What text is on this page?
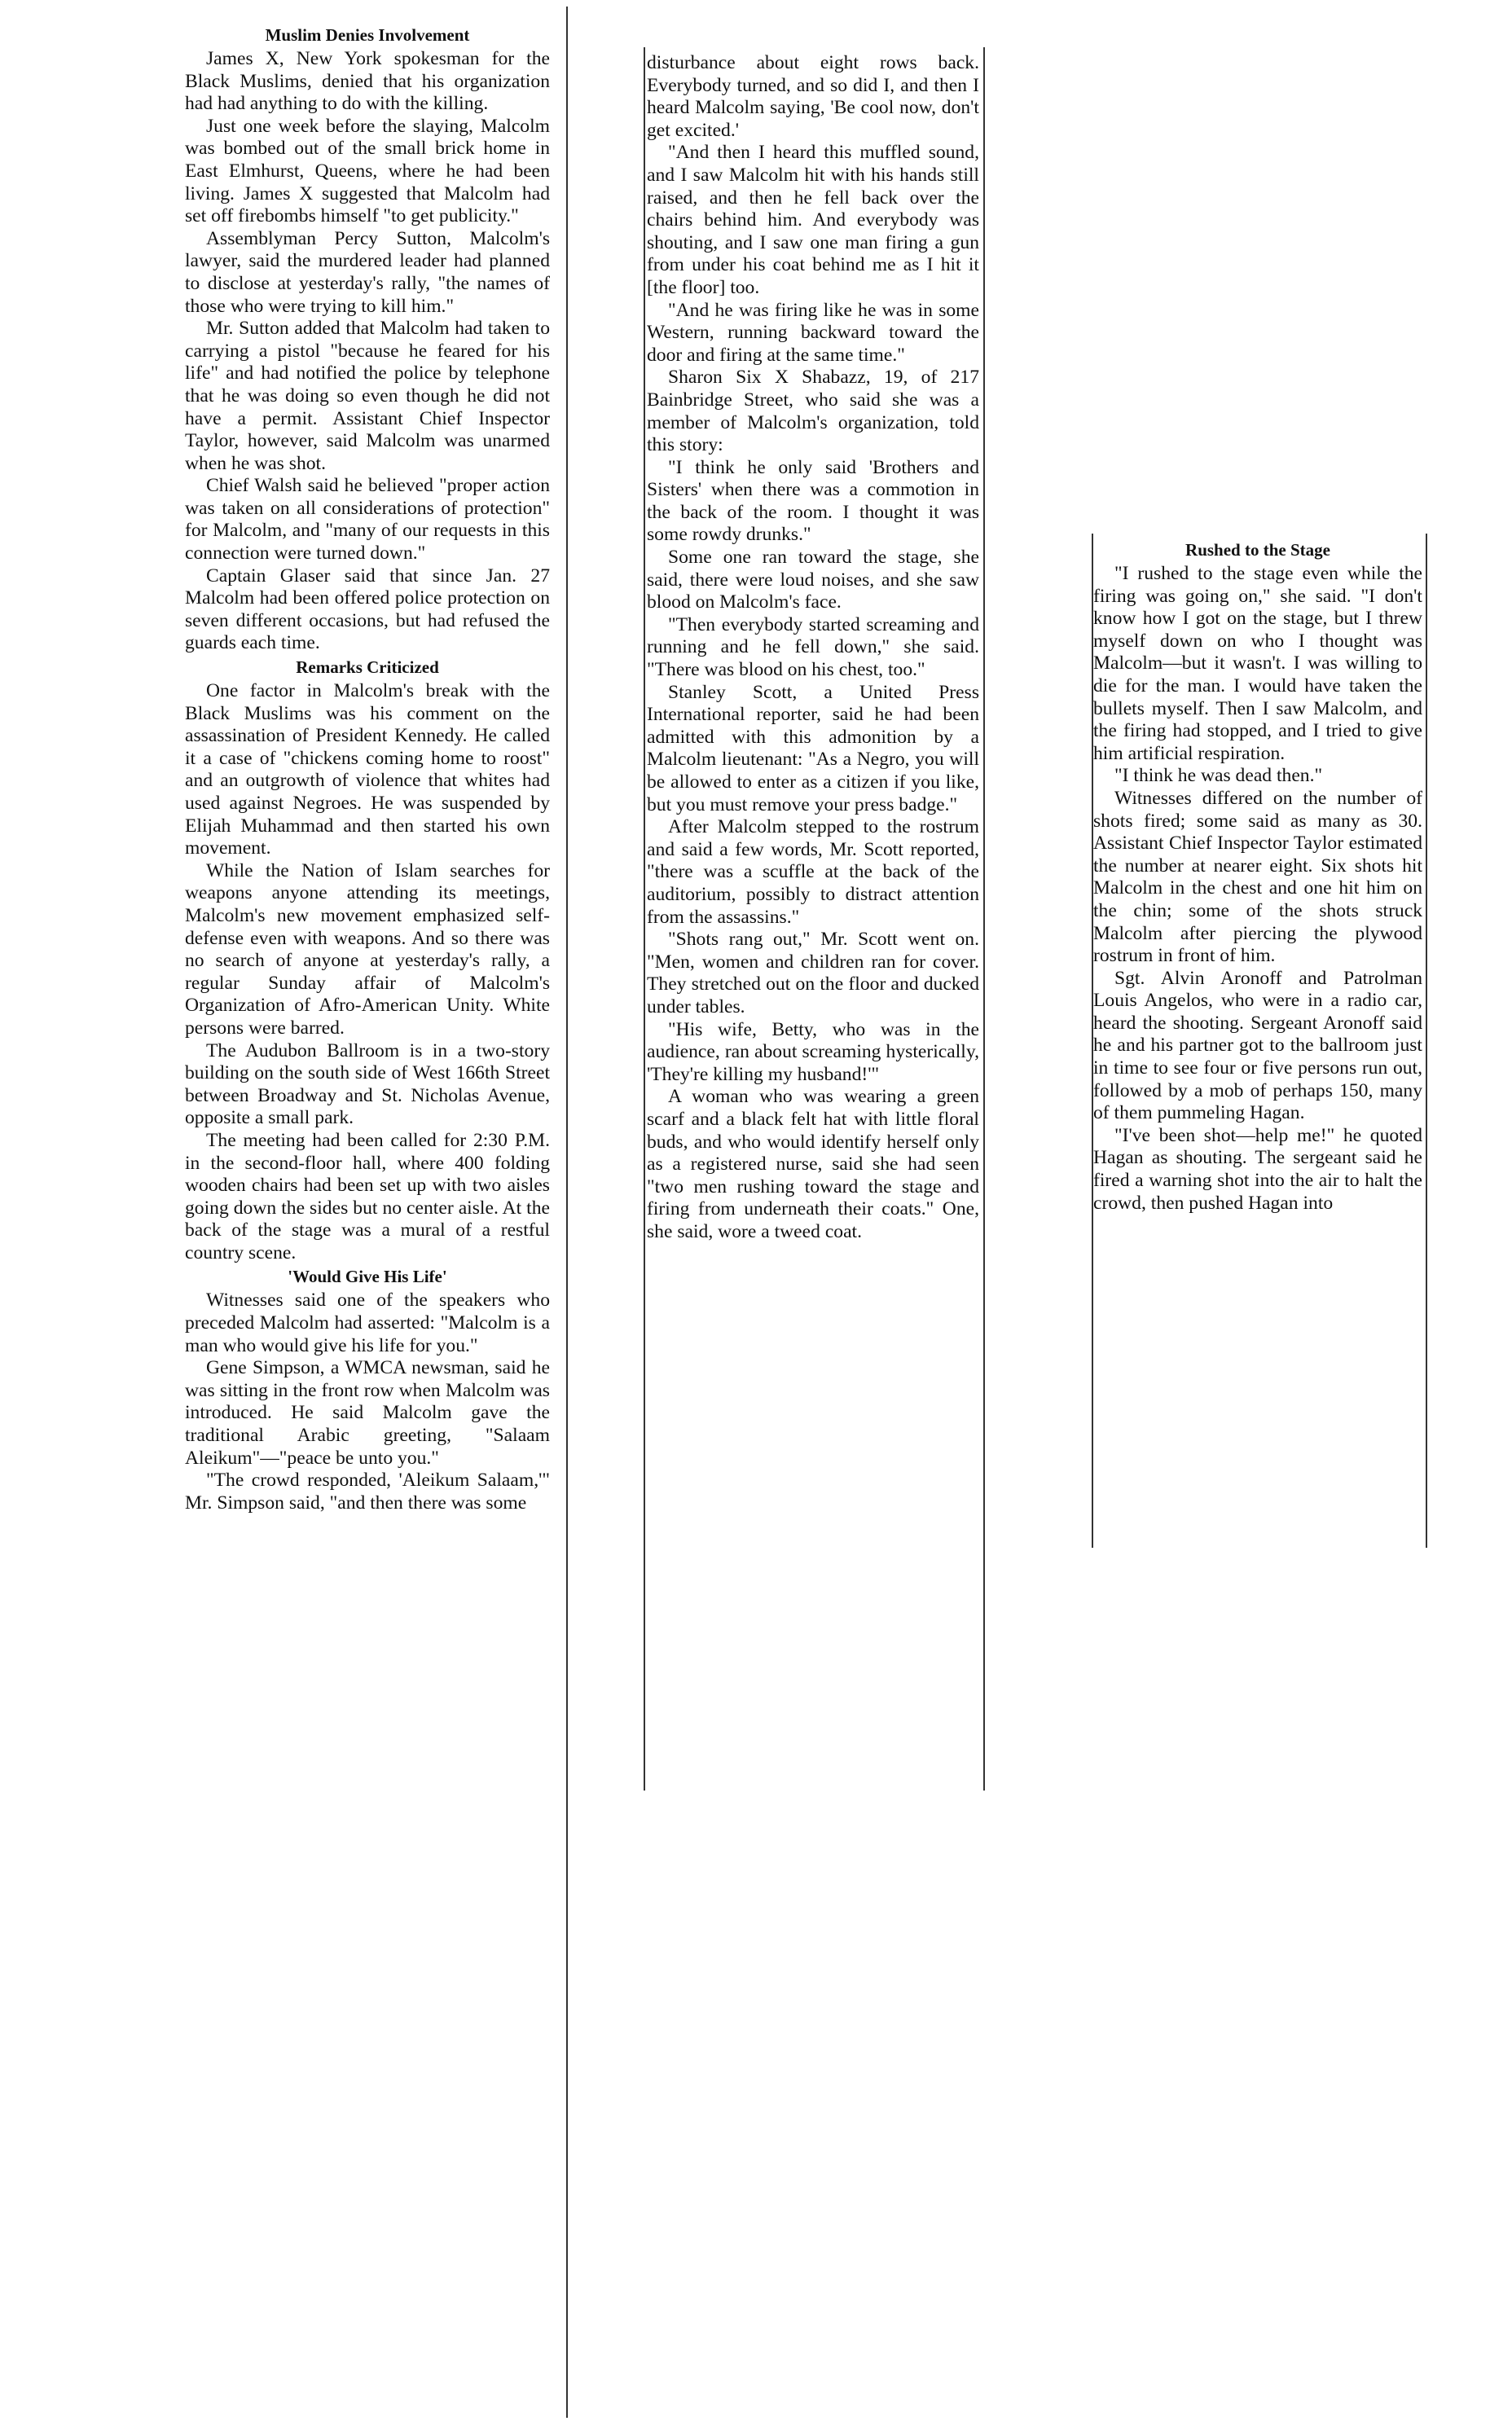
Muslim Denies Involvement

James X, New York spokesman for the Black Muslims, denied that his organization had had anything to do with the killing.

Just one week before the slaying, Malcolm was bombed out of the small brick home in East Elmhurst, Queens, where he had been living. James X suggested that Malcolm had set off firebombs himself "to get publicity."

Assemblyman Percy Sutton, Malcolm's lawyer, said the murdered leader had planned to disclose at yesterday's rally, "the names of those who were trying to kill him."

Mr. Sutton added that Malcolm had taken to carrying a pistol "because he feared for his life" and had notified the police by telephone that he was doing so even though he did not have a permit. Assistant Chief Inspector Taylor, however, said Malcolm was unarmed when he was shot.

Chief Walsh said he believed "proper action was taken on all considerations of protection" for Malcolm, and "many of our requests in this connection were turned down."

Captain Glaser said that since Jan. 27 Malcolm had been offered police protection on seven different occasions, but had refused the guards each time.

Remarks Criticized

One factor in Malcolm's break with the Black Muslims was his comment on the assassination of President Kennedy. He called it a case of "chickens coming home to roost" and an outgrowth of violence that whites had used against Negroes. He was suspended by Elijah Muhammad and then started his own movement.

While the Nation of Islam searches for weapons anyone attending its meetings, Malcolm's new movement emphasized self-defense even with weapons. And so there was no search of anyone at yesterday's rally, a regular Sunday affair of Malcolm's Organization of Afro-American Unity. White persons were barred.

The Audubon Ballroom is in a two-story building on the south side of West 166th Street between Broadway and St. Nicholas Avenue, opposite a small park.

The meeting had been called for 2:30 P.M. in the second-floor hall, where 400 folding wooden chairs had been set up with two aisles going down the sides but no center aisle. At the back of the stage was a mural of a restful country scene.

'Would Give His Life'

Witnesses said one of the speakers who preceded Malcolm had asserted: "Malcolm is a man who would give his life for you."

Gene Simpson, a WMCA newsman, said he was sitting in the front row when Malcolm was introduced. He said Malcolm gave the traditional Arabic greeting, "Salaam Aleikum"—"peace be unto you."

"The crowd responded, 'Aleikum Salaam,'" Mr. Simpson said, "and then there was some

disturbance about eight rows back. Everybody turned, and so did I, and then I heard Malcolm saying, 'Be cool now, don't get excited.'

"And then I heard this muffled sound, and I saw Malcolm hit with his hands still raised, and then he fell back over the chairs behind him. And everybody was shouting, and I saw one man firing a gun from under his coat behind me as I hit it [the floor] too.

"And he was firing like he was in some Western, running backward toward the door and firing at the same time."

Sharon Six X Shabazz, 19, of 217 Bainbridge Street, who said she was a member of Malcolm's organization, told this story:

"I think he only said 'Brothers and Sisters' when there was a commotion in the back of the room. I thought it was some rowdy drunks."

Some one ran toward the stage, she said, there were loud noises, and she saw blood on Malcolm's face.

"Then everybody started screaming and running and he fell down," she said. "There was blood on his chest, too."

Stanley Scott, a United Press International reporter, said he had been admitted with this admonition by a Malcolm lieutenant: "As a Negro, you will be allowed to enter as a citizen if you like, but you must remove your press badge."

After Malcolm stepped to the rostrum and said a few words, Mr. Scott reported, "there was a scuffle at the back of the auditorium, possibly to distract attention from the assassins."

"Shots rang out," Mr. Scott went on. "Men, women and children ran for cover. They stretched out on the floor and ducked under tables.

"His wife, Betty, who was in the audience, ran about screaming hysterically, 'They're killing my husband!'"

A woman who was wearing a green scarf and a black felt hat with little floral buds, and who would identify herself only as a registered nurse, said she had seen "two men rushing toward the stage and firing from underneath their coats." One, she said, wore a tweed coat.

Rushed to the Stage

"I rushed to the stage even while the firing was going on," she said. "I don't know how I got on the stage, but I threw myself down on who I thought was Malcolm—but it wasn't. I was willing to die for the man. I would have taken the bullets myself. Then I saw Malcolm, and the firing had stopped, and I tried to give him artificial respiration.

"I think he was dead then."

Witnesses differed on the number of shots fired; some said as many as 30. Assistant Chief Inspector Taylor estimated the number at nearer eight. Six shots hit Malcolm in the chest and one hit him on the chin; some of the shots struck Malcolm after piercing the plywood rostrum in front of him.

Sgt. Alvin Aronoff and Patrolman Louis Angelos, who were in a radio car, heard the shooting. Sergeant Aronoff said he and his partner got to the ballroom just in time to see four or five persons run out, followed by a mob of perhaps 150, many of them pummeling Hagan.

"I've been shot—help me!" he quoted Hagan as shouting. The sergeant said he fired a warning shot into the air to halt the crowd, then pushed Hagan into
